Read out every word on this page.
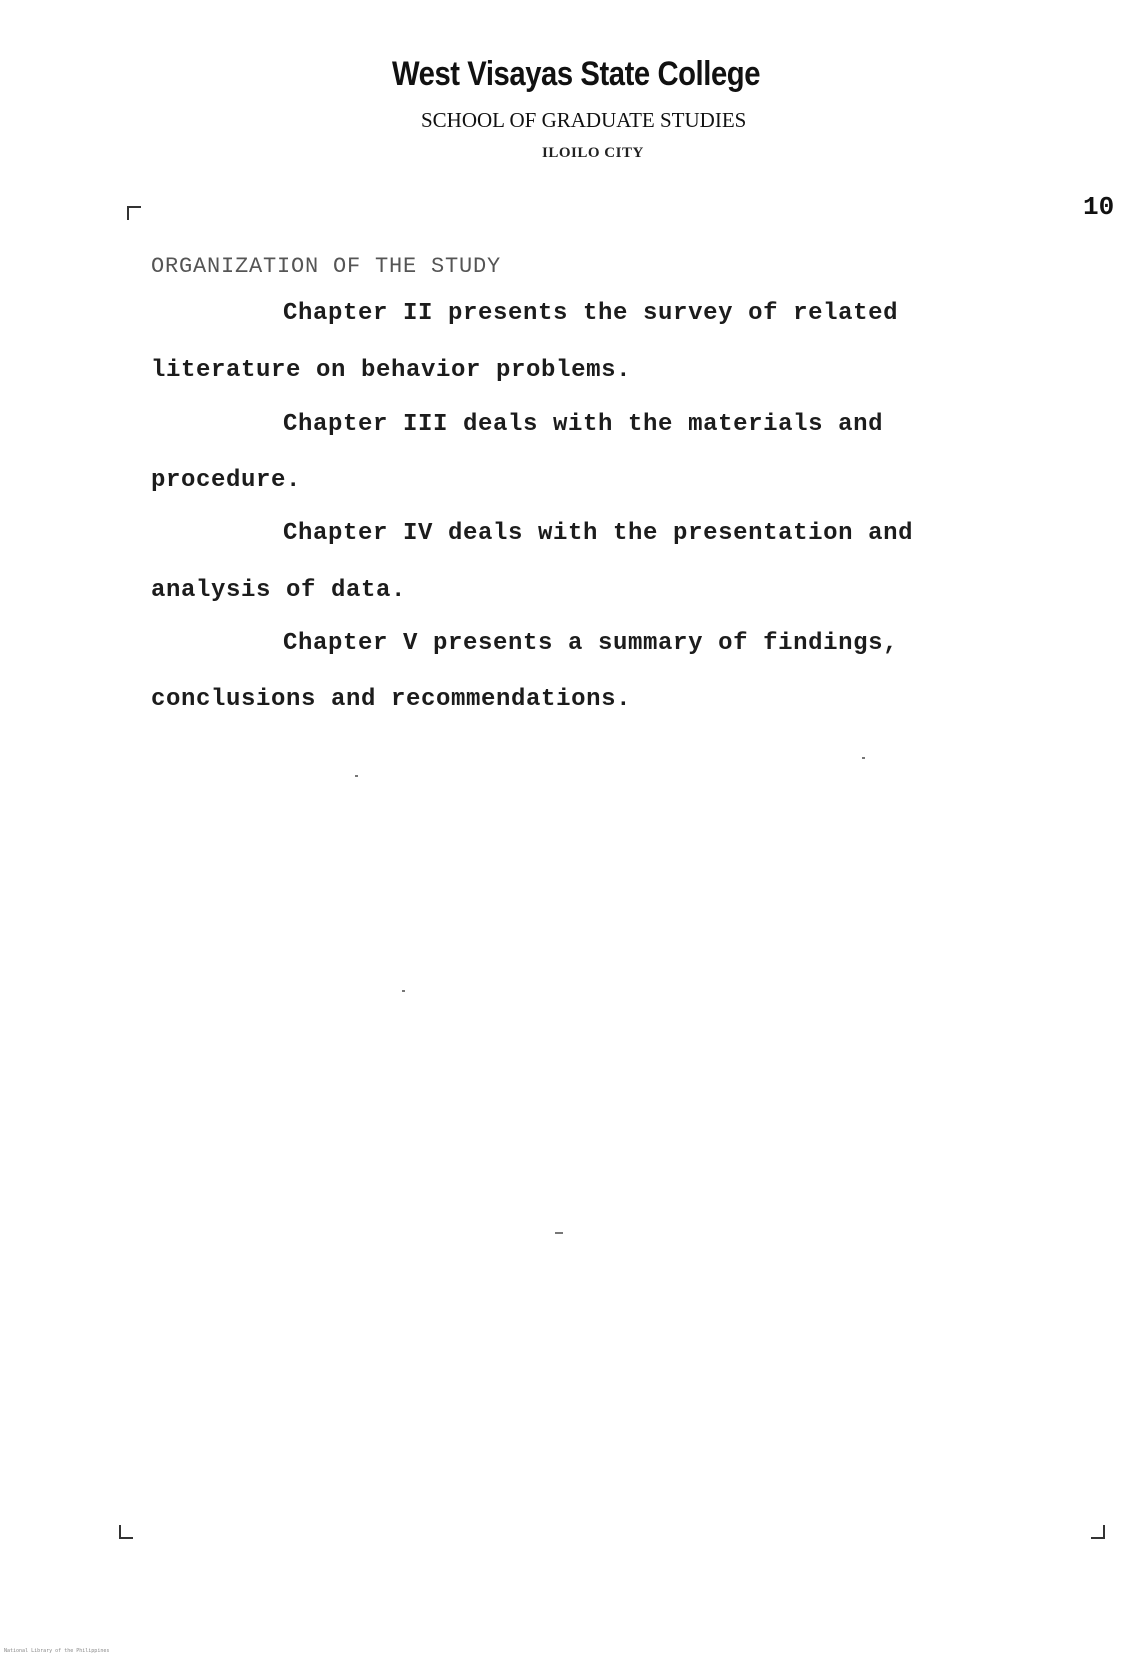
West Visayas State College
SCHOOL OF GRADUATE STUDIES
ILOILO CITY
10
ORGANIZATION OF THE STUDY
Chapter II presents the survey of related
literature on behavior problems.
Chapter III deals with the materials and
procedure.
Chapter IV deals with the presentation and
analysis of data.
Chapter V presents a summary of findings,
conclusions and recommendations.
National Library of the Philippines
